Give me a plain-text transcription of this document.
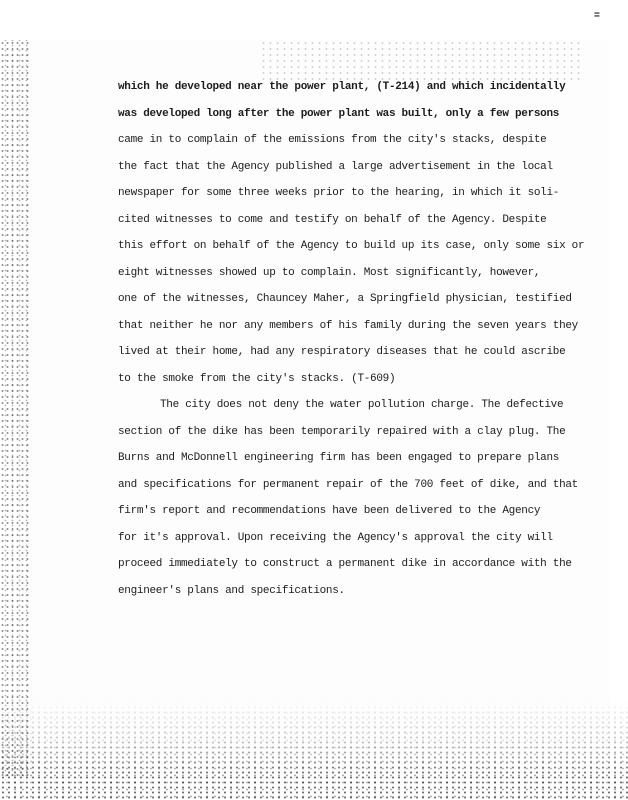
=
which he developed near the power plant, (T-214) and which incidentally
was developed long after the power plant was built, only a few persons
came in to complain of the emissions from the city's stacks, despite
the fact that the Agency published a large advertisement in the local
newspaper for some three weeks prior to the hearing, in which it soli-
cited witnesses to come and testify on behalf of the Agency. Despite
this effort on behalf of the Agency to build up its case, only some six or
eight witnesses showed up to complain. Most significantly, however,
one of the witnesses, Chauncey Maher, a Springfield physician, testified
that neither he nor any members of his family during the seven years they
lived at their home, had any respiratory diseases that he could ascribe
to the smoke from the city's stacks. (T-609)
The city does not deny the water pollution charge. The defective
section of the dike has been temporarily repaired with a clay plug. The
Burns and McDonnell engineering firm has been engaged to prepare plans
and specifications for permanent repair of the 700 feet of dike, and that
firm's report and recommendations have been delivered to the Agency
for it's approval. Upon receiving the Agency's approval the city will
proceed immediately to construct a permanent dike in accordance with the
engineer's plans and specifications.
